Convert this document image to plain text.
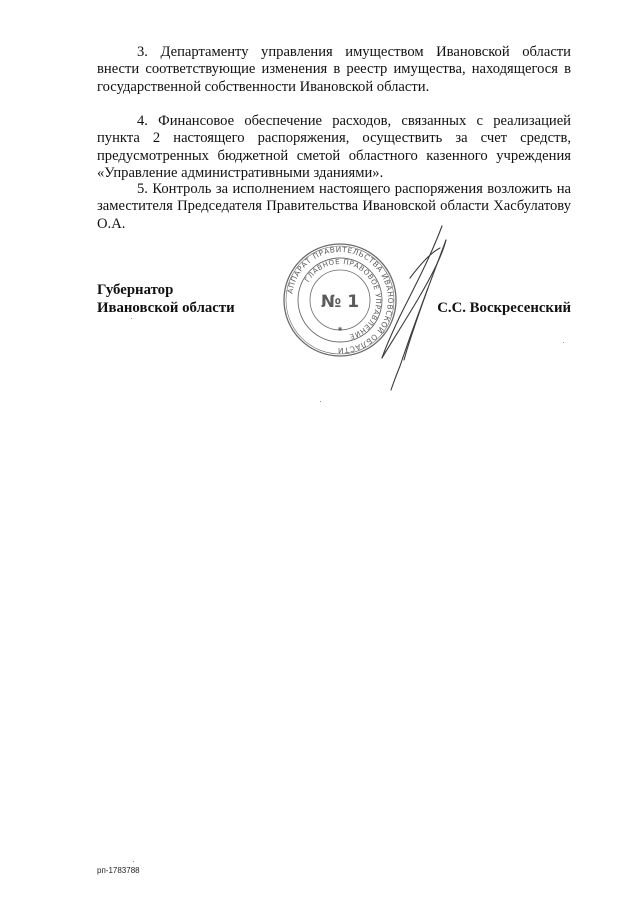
3. Департаменту управления имуществом Ивановской области внести соответствующие изменения в реестр имущества, находящегося в государственной собственности Ивановской области.

4. Финансовое обеспечение расходов, связанных с реализацией пункта 2 настоящего распоряжения, осуществить за счет средств, предусмотренных бюджетной сметой областного казенного учреждения «Управление административными зданиями».

5. Контроль за исполнением настоящего распоряжения возложить на заместителя Председателя Правительства Ивановской области Хасбулатову О.А.

Губернатор
Ивановской области
АППАРАТ ПРАВИТЕЛЬСТВА ИВАНОВСКОЙ ОБЛАСТИ
ГЛАВНОЕ ПРАВОВОЕ УПРАВЛЕНИЕ
№ 1
✱
С.С. Воскресенский
рп-1783788
